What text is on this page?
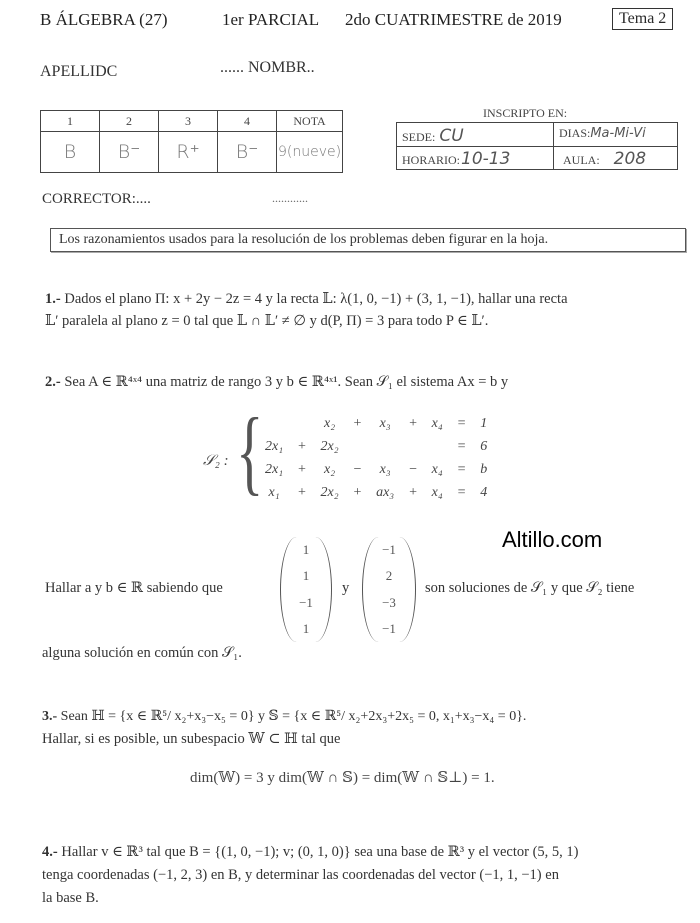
B ÁLGEBRA (27)	1er PARCIAL 2do CUATRIMESTRE de 2019	Tema 2
APELLIDC	...... NOMBR..
1	2	3	4	NOTA
B	B⁻	R⁺	B⁻	9(nueve)
INSCRIPTO EN:
SEDE: CU	DIAS:Ma-Mi-Vi
HORARIO:10-13	AULA: 208
CORRECTOR:....	............
Los razonamientos usados para la resolución de los problemas deben figurar en la hoja.
1.- Dados el plano Π: x + 2y − 2z = 4 y la recta 𝕃: λ(1, 0, −1) + (3, 1, −1), hallar una recta
𝕃′ paralela al plano z = 0 tal que 𝕃 ∩ 𝕃′ ≠ ∅ y d(P, Π) = 3 para todo P ∈ 𝕃′.
2.- Sea A ∈ ℝ⁴ˣ⁴ una matriz de rango 3 y b ∈ ℝ⁴ˣ¹. Sean 𝒮₁ el sistema Ax = b y
𝒮₂ : {
			x₂	+	x₃	+	x₄	=	1
2x₁	+	2x₂					=	6
2x₁	+	x₂	−	x₃	−	x₄	=	b
x₁	+	2x₂	+	ax₃	+	x₄	=	4
Hallar a y b ∈ ℝ sabiendo que
1
1
−1
1
y
−1
2
−3
−1
son soluciones de 𝒮₁ y que 𝒮₂ tiene
alguna solución en común con 𝒮₁.
Altillo.com
3.- Sean ℍ = {x ∈ ℝ⁵/ x₂+x₃−x₅ = 0} y 𝕊 = {x ∈ ℝ⁵/ x₂+2x₃+2x₅ = 0, x₁+x₃−x₄ = 0}.
Hallar, si es posible, un subespacio 𝕎 ⊂ ℍ tal que
dim(𝕎) = 3 y dim(𝕎 ∩ 𝕊) = dim(𝕎 ∩ 𝕊⊥) = 1.
4.- Hallar v ∈ ℝ³ tal que B = {(1, 0, −1); v; (0, 1, 0)} sea una base de ℝ³ y el vector (5, 5, 1)
tenga coordenadas (−1, 2, 3) en B, y determinar las coordenadas del vector (−1, 1, −1) en
la base B.
